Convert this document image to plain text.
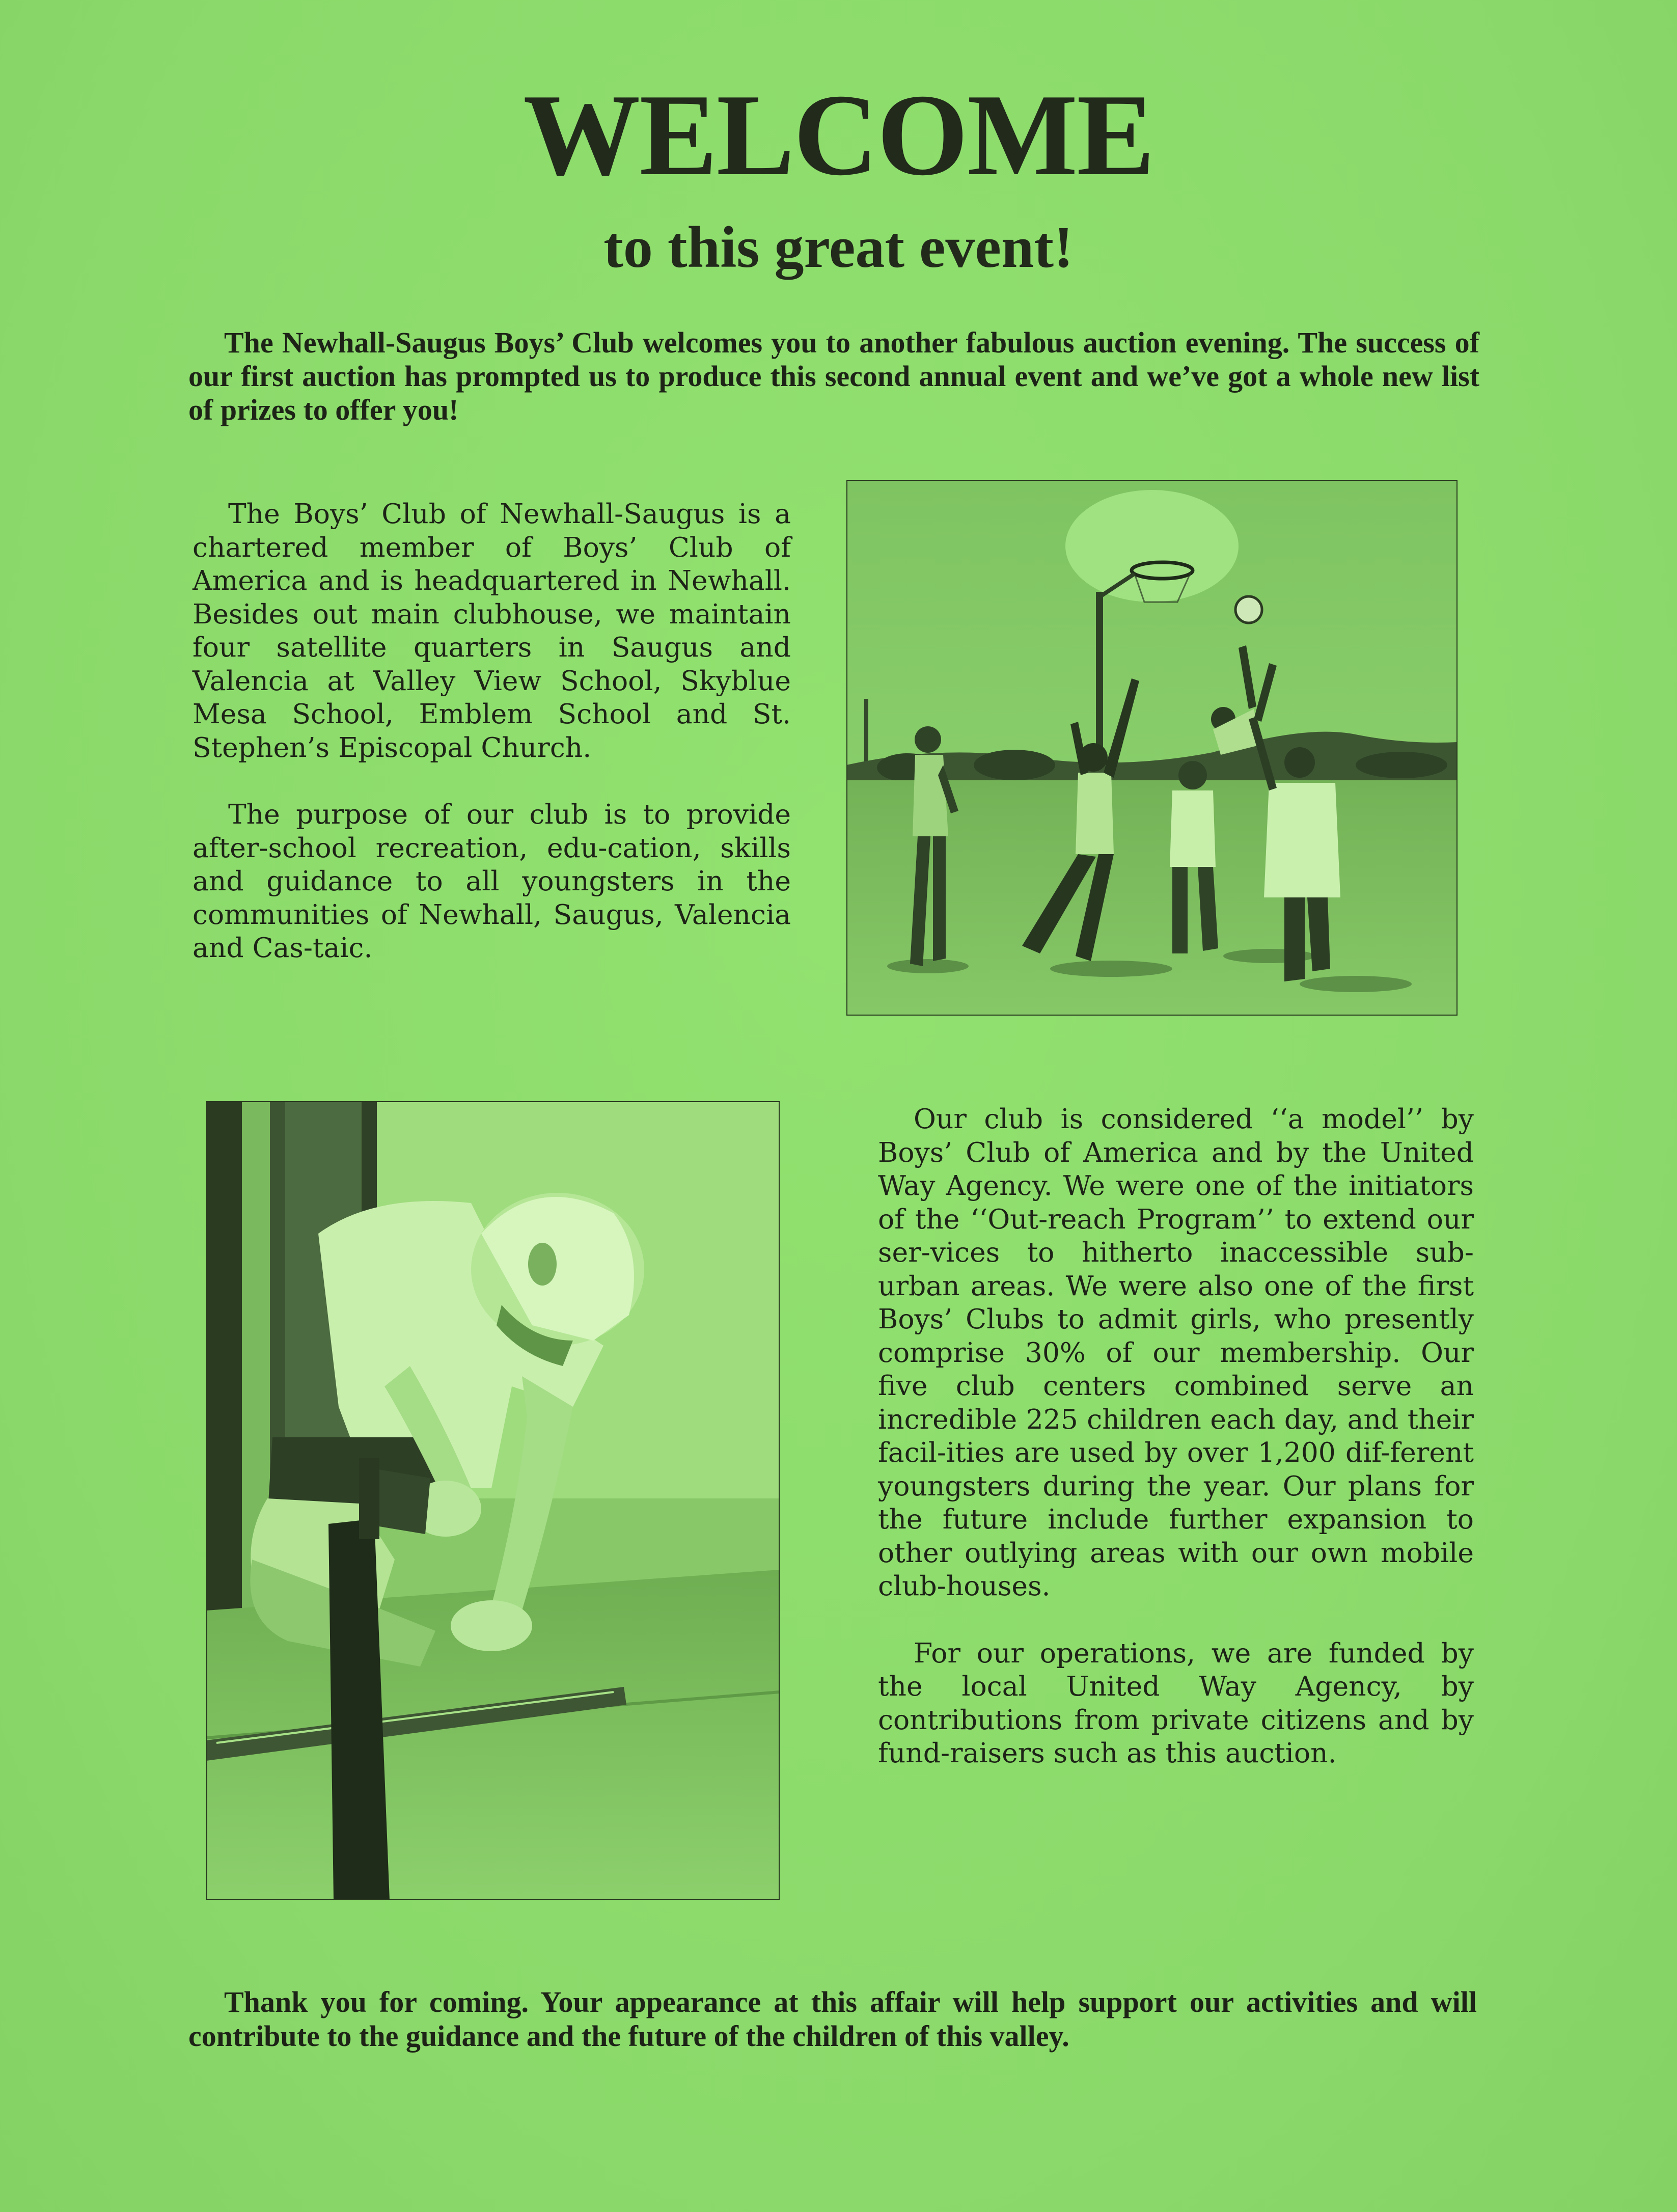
WELCOME
to this great event!

The Newhall-Saugus Boys’ Club welcomes you to another fabulous auction evening. The success of our first auction has prompted us to produce this second annual event and we’ve got a whole new list of prizes to offer you!

The Boys’ Club of Newhall-Saugus is a chartered member of Boys’ Club of America and is headquartered in Newhall. Besides out main clubhouse, we maintain four satellite quarters in Saugus and Valencia at Valley View School, Skyblue Mesa School, Emblem School and St. Stephen’s Episcopal Church.

The purpose of our club is to provide after-school recreation, edu-cation, skills and guidance to all youngsters in the communities of Newhall, Saugus, Valencia and Cas-taic.

Our club is considered ‘‘a model’’ by Boys’ Club of America and by the United Way Agency. We were one of the initiators of the ‘‘Out-reach Program’’ to extend our ser-vices to hitherto inaccessible sub-urban areas. We were also one of the first Boys’ Clubs to admit girls, who presently comprise 30% of our membership. Our five club centers combined serve an incredible 225 children each day, and their facil-ities are used by over 1,200 dif-ferent youngsters during the year. Our plans for the future include further expansion to other outlying areas with our own mobile club-houses.

For our operations, we are funded by the local United Way Agency, by contributions from private citizens and by fund-raisers such as this auction.

Thank you for coming. Your appearance at this affair will help support our activities and will contribute to the guidance and the future of the children of this valley.
